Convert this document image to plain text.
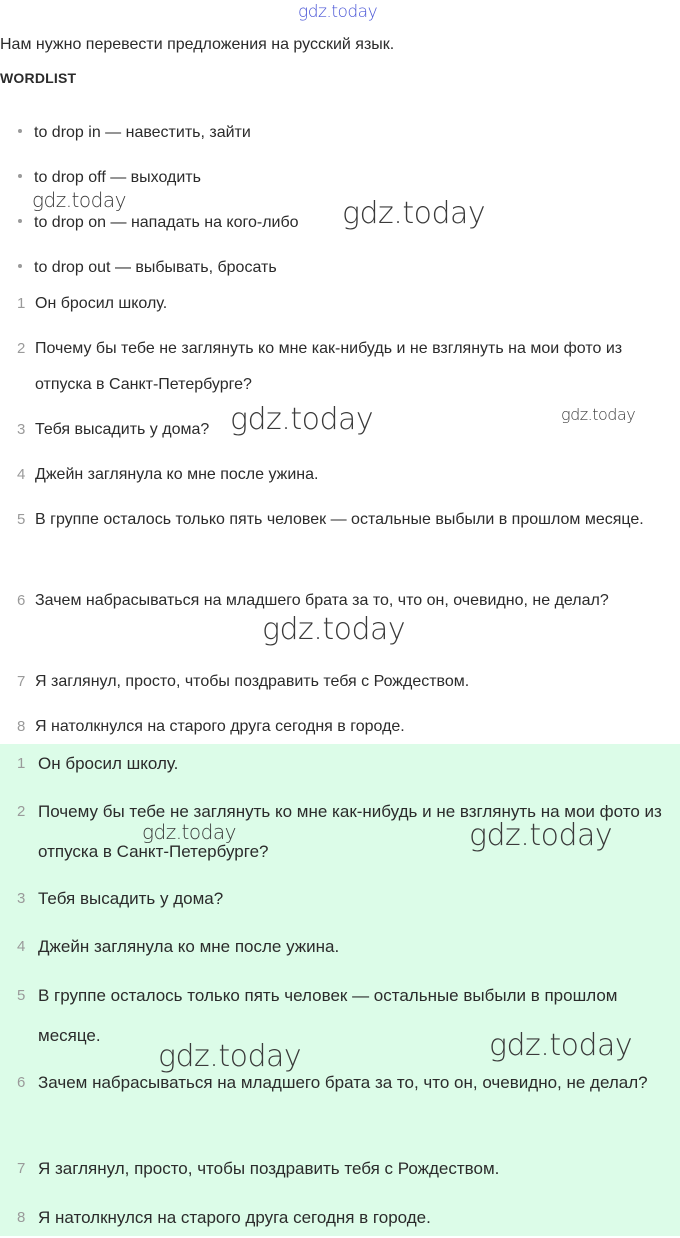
gdz.today
Нам нужно перевести предложения на русский язык.
WORDLIST
to drop in — навестить, зайти
to drop off — выходить
to drop on — нападать на кого-либо
to drop out — выбывать, бросать
1 Он бросил школу.
2 Почему бы тебе не заглянуть ко мне как-нибудь и не взглянуть на мои фото из отпуска в Санкт-Петербурге?
3 Тебя высадить у дома?
4 Джейн заглянула ко мне после ужина.
5 В группе осталось только пять человек — остальные выбыли в прошлом месяце.
6 Зачем набрасываться на младшего брата за то, что он, очевидно, не делал?
7 Я заглянул, просто, чтобы поздравить тебя с Рождеством.
8 Я натолкнулся на старого друга сегодня в городе.
1 Он бросил школу.
2 Почему бы тебе не заглянуть ко мне как-нибудь и не взглянуть на мои фото из отпуска в Санкт-Петербурге?
3 Тебя высадить у дома?
4 Джейн заглянула ко мне после ужина.
5 В группе осталось только пять человек — остальные выбыли в прошлом месяце.
6 Зачем набрасываться на младшего брата за то, что он, очевидно, не делал?
7 Я заглянул, просто, чтобы поздравить тебя с Рождеством.
8 Я натолкнулся на старого друга сегодня в городе.
gdz.today	gdz.today
gdz.today	gdz.today
gdz.today
gdz.today	gdz.today
gdz.today	gdz.today
